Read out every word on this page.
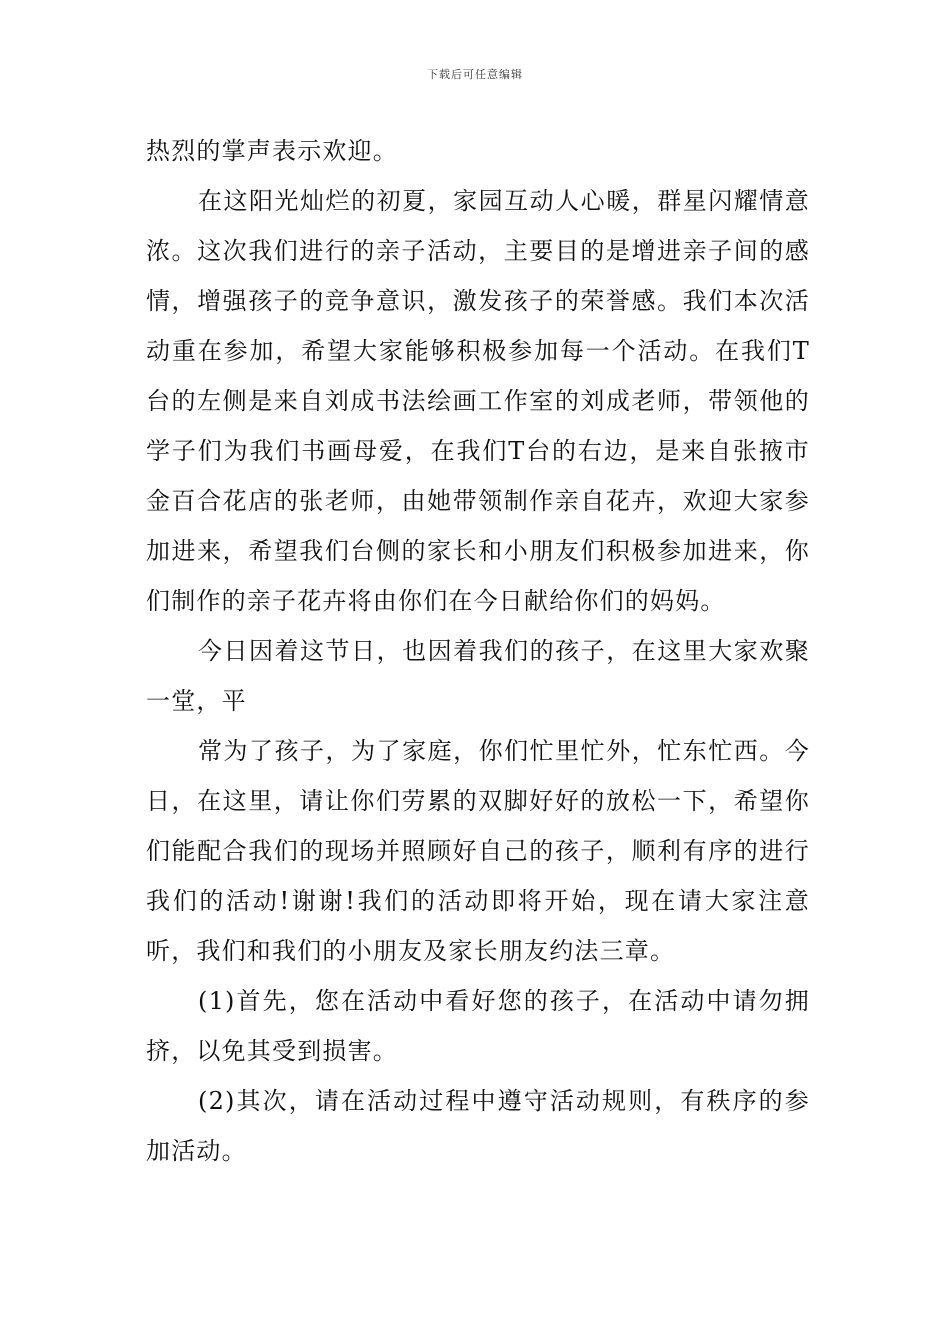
下载后可任意编辑

热烈的掌声表示欢迎。

在这阳光灿烂的初夏，家园互动人心暖，群星闪耀情意浓。这次我们进行的亲子活动，主要目的是增进亲子间的感情，增强孩子的竞争意识，激发孩子的荣誉感。我们本次活动重在参加，希望大家能够积极参加每一个活动。在我们T台的左侧是来自刘成书法绘画工作室的刘成老师，带领他的学子们为我们书画母爱，在我们T台的右边，是来自张掖市金百合花店的张老师，由她带领制作亲自花卉，欢迎大家参加进来，希望我们台侧的家长和小朋友们积极参加进来，你们制作的亲子花卉将由你们在今日献给你们的妈妈。

今日因着这节日，也因着我们的孩子，在这里大家欢聚一堂，平

常为了孩子，为了家庭，你们忙里忙外，忙东忙西。今日，在这里，请让你们劳累的双脚好好的放松一下，希望你们能配合我们的现场并照顾好自己的孩子，顺利有序的进行我们的活动!谢谢!我们的活动即将开始，现在请大家注意听，我们和我们的小朋友及家长朋友约法三章。

(1)首先，您在活动中看好您的孩子，在活动中请勿拥挤，以免其受到损害。

(2)其次，请在活动过程中遵守活动规则，有秩序的参加活动。
